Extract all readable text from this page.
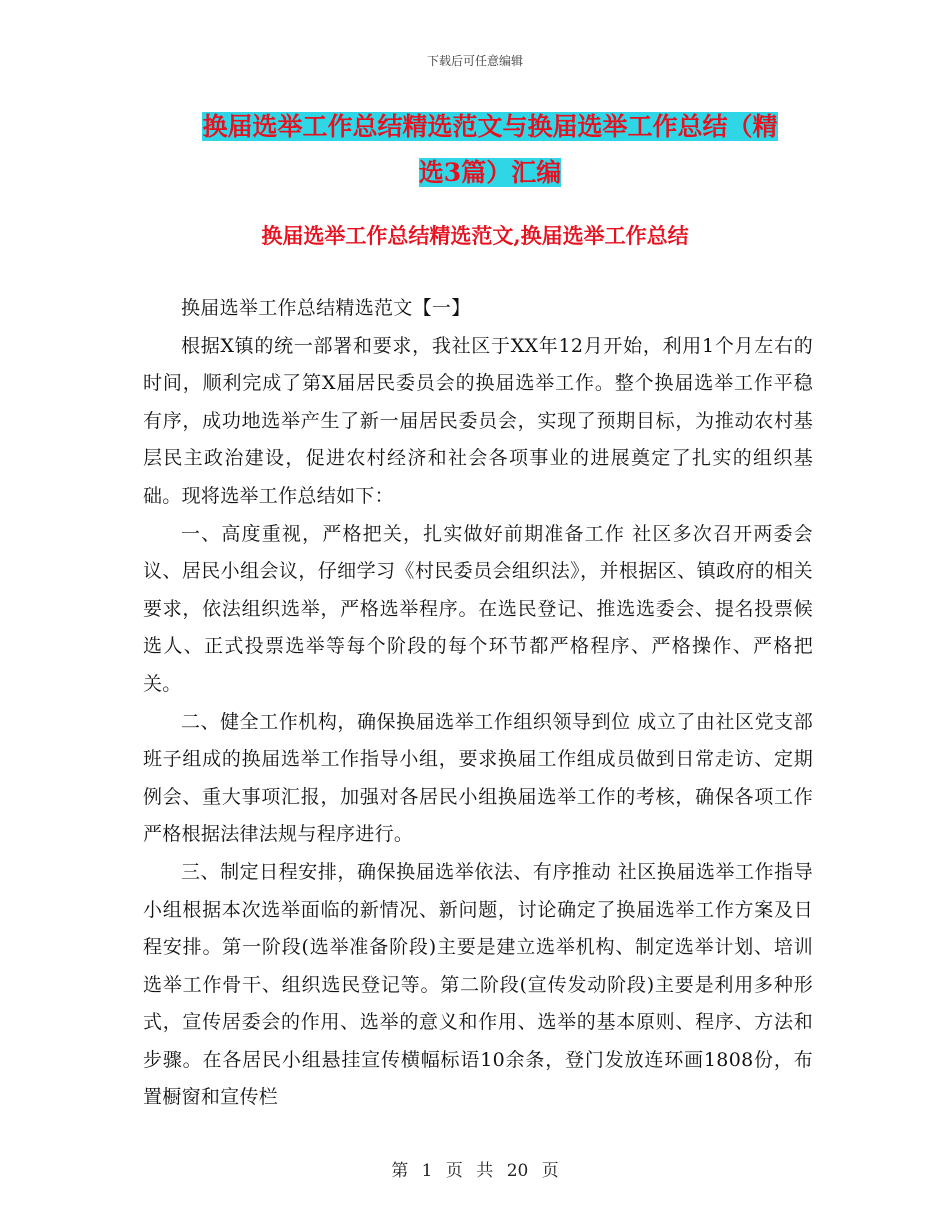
下载后可任意编辑
换届选举工作总结精选范文与换届选举工作总结（精
选3篇）汇编
换届选举工作总结精选范文,换届选举工作总结

换届选举工作总结精选范文【一】

根据X镇的统一部署和要求，我社区于XX年12月开始，利用1个月左右的时间，顺利完成了第X届居民委员会的换届选举工作。整个换届选举工作平稳有序，成功地选举产生了新一届居民委员会，实现了预期目标，为推动农村基层民主政治建设，促进农村经济和社会各项事业的进展奠定了扎实的组织基础。现将选举工作总结如下：

一、高度重视，严格把关，扎实做好前期准备工作 社区多次召开两委会议、居民小组会议，仔细学习《村民委员会组织法》，并根据区、镇政府的相关要求，依法组织选举，严格选举程序。在选民登记、推选选委会、提名投票候选人、正式投票选举等每个阶段的每个环节都严格程序、严格操作、严格把关。

二、健全工作机构，确保换届选举工作组织领导到位 成立了由社区党支部班子组成的换届选举工作指导小组，要求换届工作组成员做到日常走访、定期例会、重大事项汇报，加强对各居民小组换届选举工作的考核，确保各项工作严格根据法律法规与程序进行。

三、制定日程安排，确保换届选举依法、有序推动 社区换届选举工作指导小组根据本次选举面临的新情况、新问题，讨论确定了换届选举工作方案及日程安排。第一阶段(选举准备阶段)主要是建立选举机构、制定选举计划、培训选举工作骨干、组织选民登记等。第二阶段(宣传发动阶段)主要是利用多种形式，宣传居委会的作用、选举的意义和作用、选举的基本原则、程序、方法和步骤。在各居民小组悬挂宣传横幅标语10余条，登门发放连环画1808份，布置橱窗和宣传栏

第 1 页 共 20 页
